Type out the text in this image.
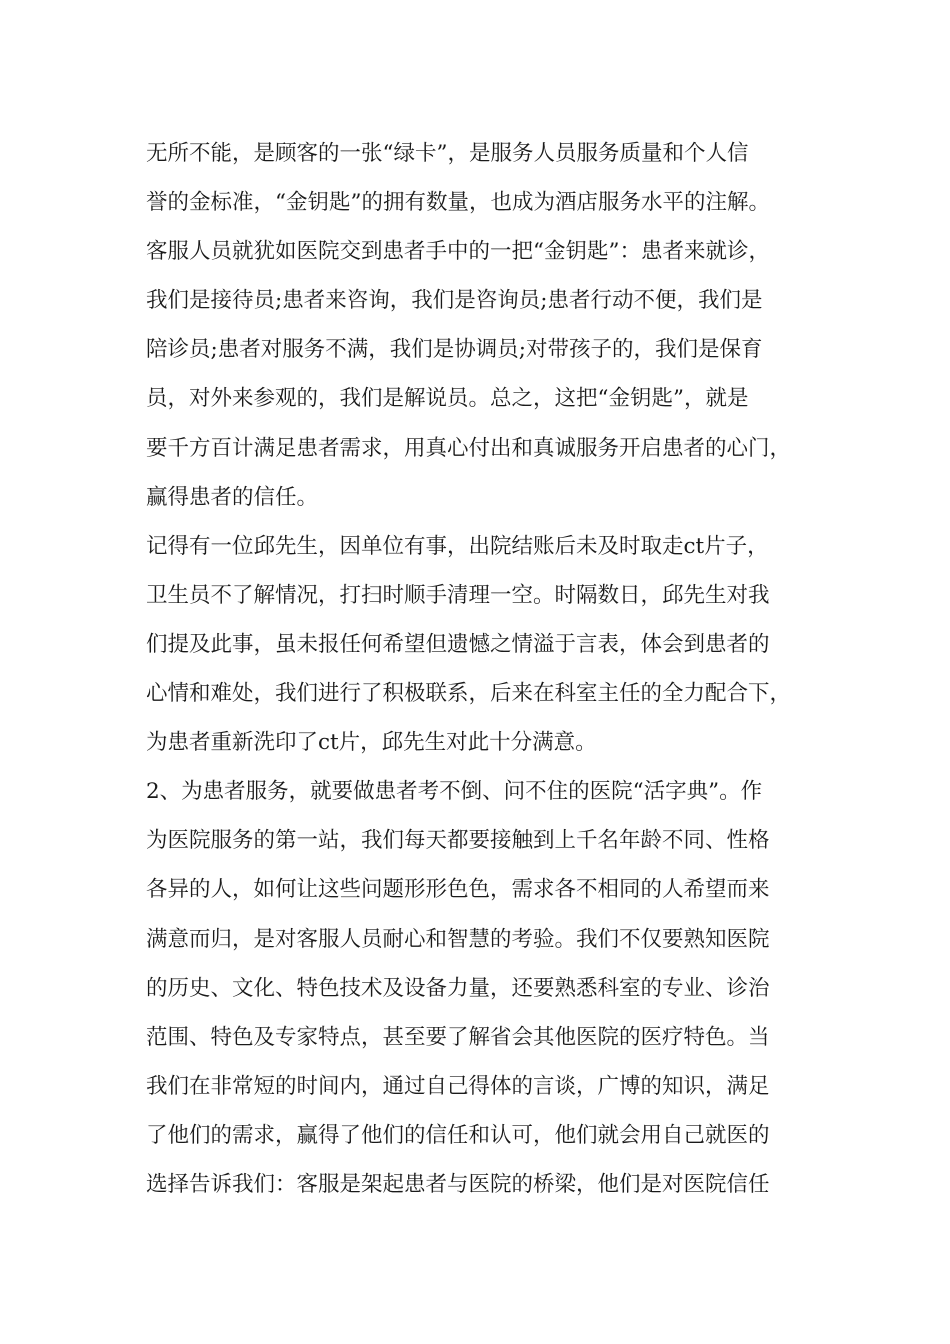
无所不能，是顾客的一张“绿卡”，是服务人员服务质量和个人信
誉的金标准，“金钥匙”的拥有数量，也成为酒店服务水平的注解。
客服人员就犹如医院交到患者手中的一把“金钥匙”：患者来就诊，
我们是接待员;患者来咨询，我们是咨询员;患者行动不便，我们是
陪诊员;患者对服务不满，我们是协调员;对带孩子的，我们是保育
员，对外来参观的，我们是解说员。总之，这把“金钥匙”，就是
要千方百计满足患者需求，用真心付出和真诚服务开启患者的心门，
赢得患者的信任。
记得有一位邱先生，因单位有事，出院结账后未及时取走ct片子，
卫生员不了解情况，打扫时顺手清理一空。时隔数日，邱先生对我
们提及此事，虽未报任何希望但遗憾之情溢于言表，体会到患者的
心情和难处，我们进行了积极联系，后来在科室主任的全力配合下，
为患者重新洗印了ct片，邱先生对此十分满意。
2、为患者服务，就要做患者考不倒、问不住的医院“活字典”。作
为医院服务的第一站，我们每天都要接触到上千名年龄不同、性格
各异的人，如何让这些问题形形色色，需求各不相同的人希望而来
满意而归，是对客服人员耐心和智慧的考验。我们不仅要熟知医院
的历史、文化、特色技术及设备力量，还要熟悉科室的专业、诊治
范围、特色及专家特点，甚至要了解省会其他医院的医疗特色。当
我们在非常短的时间内，通过自己得体的言谈，广博的知识，满足
了他们的需求，赢得了他们的信任和认可，他们就会用自己就医的
选择告诉我们：客服是架起患者与医院的桥梁，他们是对医院信任
